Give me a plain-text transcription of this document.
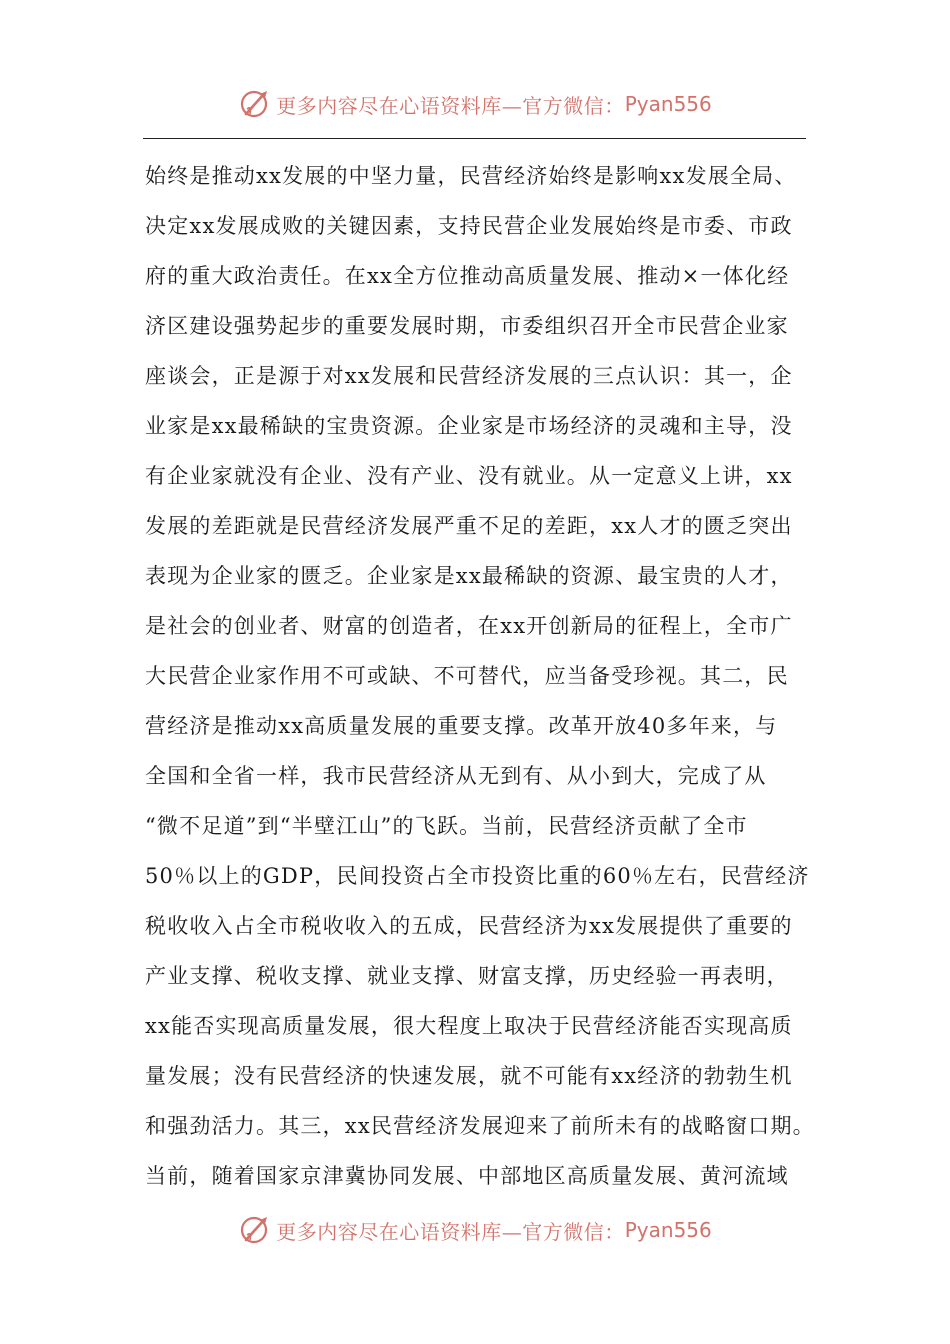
更多内容尽在心语资料库—官方微信： Pyan556
始终是推动xx发展的中坚力量，民营经济始终是影响xx发展全局、
决定xx发展成败的关键因素，支持民营企业发展始终是市委、市政
府的重大政治责任。在xx全方位推动高质量发展、推动×一体化经
济区建设强势起步的重要发展时期，市委组织召开全市民营企业家
座谈会，正是源于对xx发展和民营经济发展的三点认识：其一，企
业家是xx最稀缺的宝贵资源。企业家是市场经济的灵魂和主导，没
有企业家就没有企业、没有产业、没有就业。从一定意义上讲，xx
发展的差距就是民营经济发展严重不足的差距，xx人才的匮乏突出
表现为企业家的匮乏。企业家是xx最稀缺的资源、最宝贵的人才，
是社会的创业者、财富的创造者，在xx开创新局的征程上，全市广
大民营企业家作用不可或缺、不可替代，应当备受珍视。其二，民
营经济是推动xx高质量发展的重要支撑。改革开放40多年来，与
全国和全省一样，我市民营经济从无到有、从小到大，完成了从
“微不足道”到“半壁江山”的飞跃。当前，民营经济贡献了全市
50％以上的GDP，民间投资占全市投资比重的60％左右，民营经济
税收收入占全市税收收入的五成，民营经济为xx发展提供了重要的
产业支撑、税收支撑、就业支撑、财富支撑，历史经验一再表明，
xx能否实现高质量发展，很大程度上取决于民营经济能否实现高质
量发展；没有民营经济的快速发展，就不可能有xx经济的勃勃生机
和强劲活力。其三，xx民营经济发展迎来了前所未有的战略窗口期。
当前，随着国家京津冀协同发展、中部地区高质量发展、黄河流域
更多内容尽在心语资料库—官方微信： Pyan556
